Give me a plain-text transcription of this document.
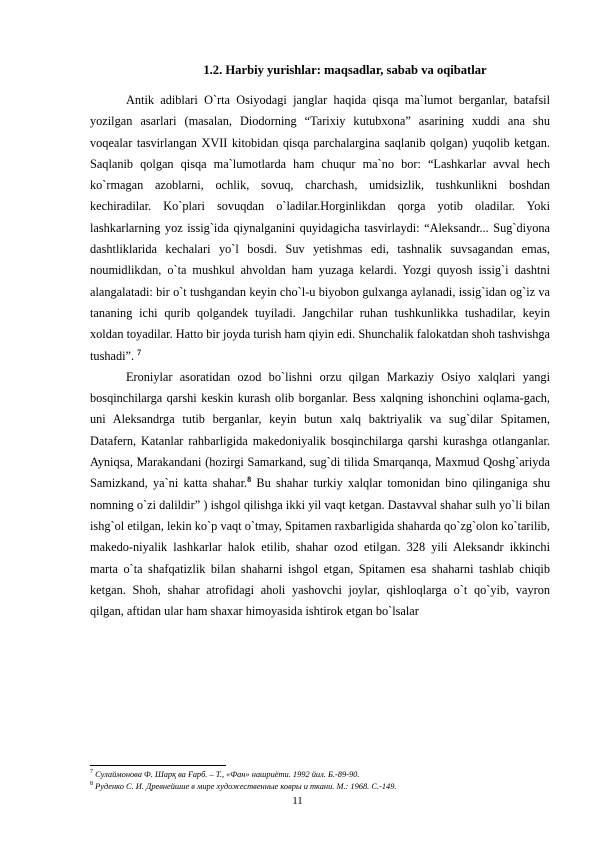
1.2. Harbiy yurishlar: maqsadlar, sabab va oqibatlar

Antik adiblari O`rta Osiyodagi janglar haqida qisqa ma`lumot berganlar, batafsil yozilgan asarlari (masalan, Diodorning “Tarixiy kutubxona” asarining xuddi ana shu voqealar tasvirlangan XVII kitobidan qisqa parchalargina saqlanib qolgan) yuqolib ketgan. Saqlanib qolgan qisqa ma`lumotlarda ham chuqur ma`no bor: “Lashkarlar avval hech ko`rmagan azoblarni, ochlik, sovuq, charchash, umidsizlik, tushkunlikni boshdan kechiradilar. Ko`plari sovuqdan o`ladilar.Horginlikdan qorga yotib oladilar. Yoki lashkarlarning yoz issig`ida qiynalganini quyidagicha tasvirlaydi: “Aleksandr... Sug`diyona dashtliklarida kechalari yo`l bosdi. Suv yetishmas edi, tashnalik suvsagandan emas, noumidlikdan, o`ta mushkul ahvoldan ham yuzaga kelardi. Yozgi quyosh issig`i dashtni alangalatadi: bir o`t tushgandan keyin cho`l-u biyobon gulxanga aylanadi, issig`idan og`iz va tananing ichi qurib qolgandek tuyiladi. Jangchilar ruhan tushkunlikka tushadilar, keyin xoldan toyadilar. Hatto bir joyda turish ham qiyin edi. Shunchalik falokatdan shoh tashvishga tushadi”. $^7$

Eroniylar asoratidan ozod bo`lishni orzu qilgan Markaziy Osiyo xalqlari yangi bosqinchilarga qarshi keskin kurash olib borganlar. Bess xalqning ishonchini oqlama-gach, uni Aleksandrga tutib berganlar, keyin butun xalq baktriyalik va sug`dilar Spitamen, Datafern, Katanlar rahbarligida makedoniyalik bosqinchilarga qarshi kurashga otlanganlar. Ayniqsa, Marakandani (hozirgi Samarkand, sug`di tilida Smarqanqa, Maxmud Qoshg`ariyda Samizkand, ya`ni katta shahar.$^8$ Bu shahar turkiy xalqlar tomonidan bino qilinganiga shu nomning o`zi dalildir” ) ishgol qilishga ikki yil vaqt ketgan. Dastavval shahar sulh yo`li bilan ishg`ol etilgan, lekin ko`p vaqt o`tmay, Spitamen raxbarligida shaharda qo`zg`olon ko`tarilib, makedo-niyalik lashkarlar halok etilib, shahar ozod etilgan. 328 yili Aleksandr ikkinchi marta o`ta shafqatizlik bilan shaharni ishgol etgan, Spitamen esa shaharni tashlab chiqib ketgan. Shoh, shahar atrofidagi aholi yashovchi joylar, qishloqlarga o`t qo`yib, vayron qilgan, aftidan ular ham shaxar himoyasida ishtirok etgan bo`lsalar

$^7$ Сулаймонова Ф. Шарқ ва Ғарб. – Т., «Фан» нашриёти. 1992 йил. Б.-89-90.
$^8$ Руденко С. И. Древнейшие в мире художественные ковры и ткани. М.: 1968. С.-149.
11
